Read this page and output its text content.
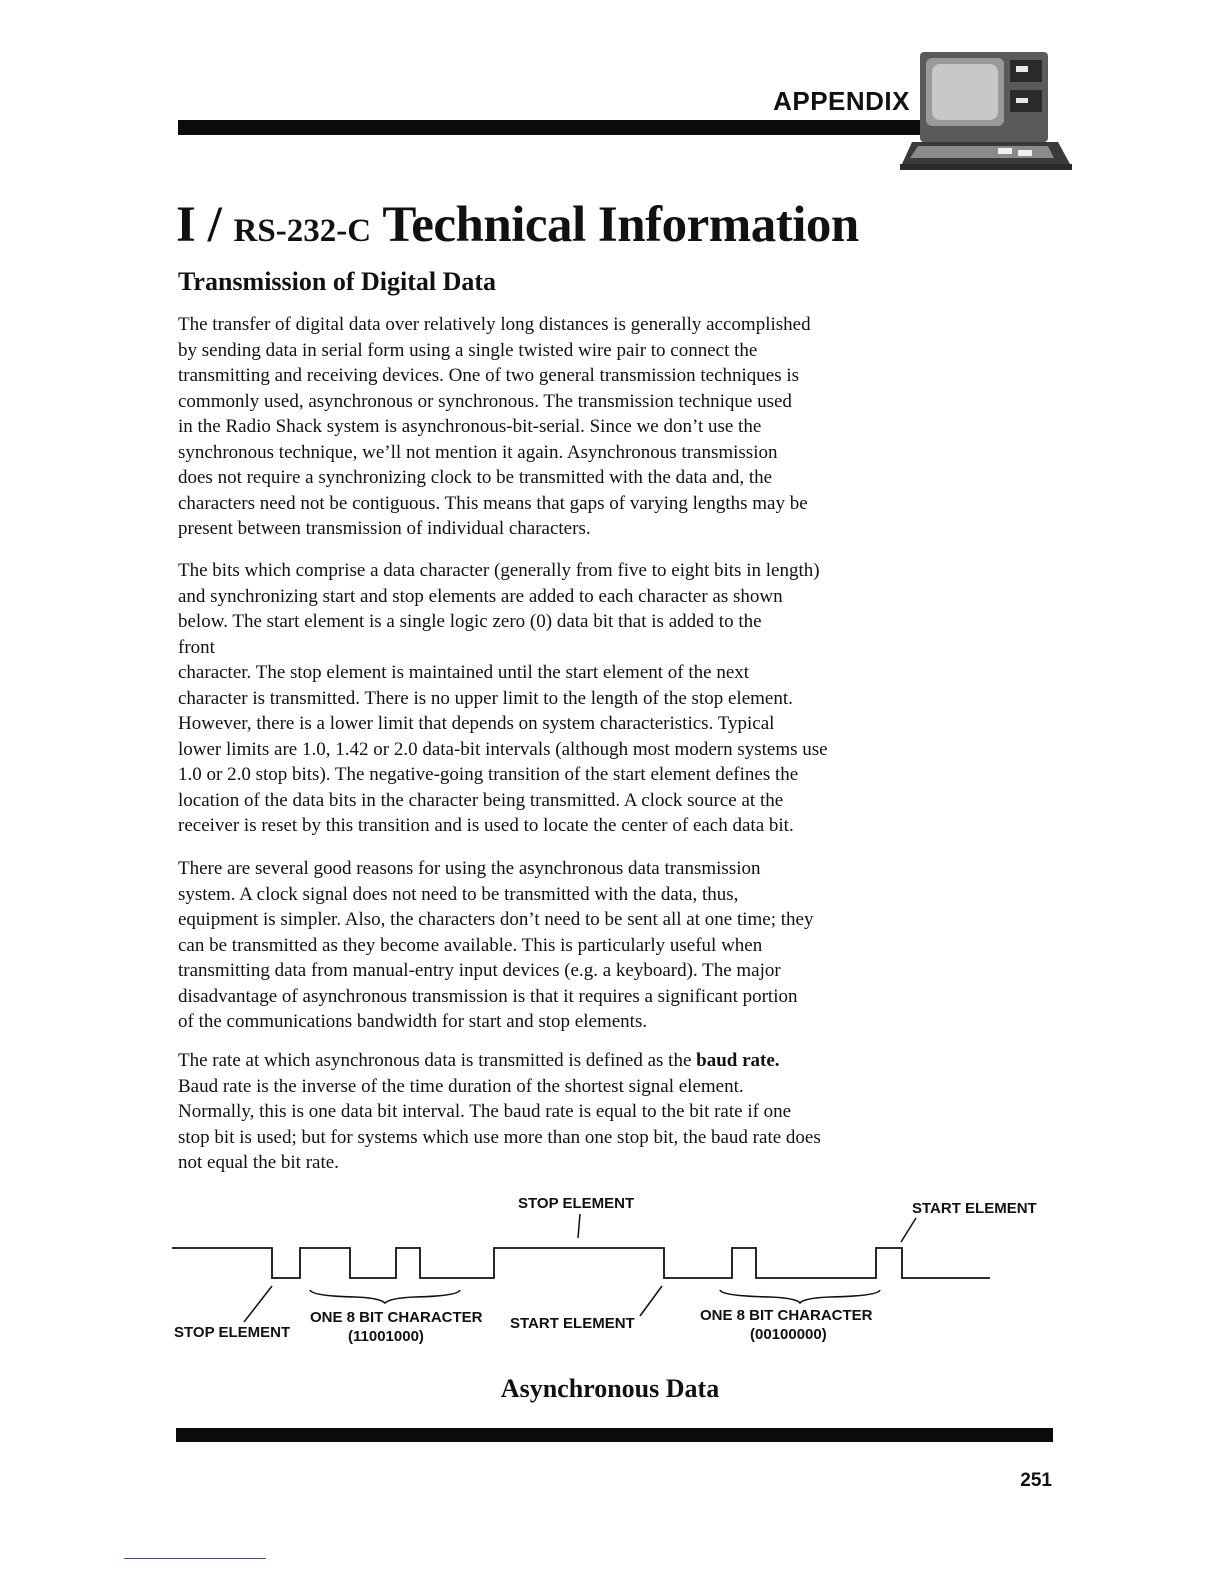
APPENDIX
I / RS-232-C Technical Information
Transmission of Digital Data
The transfer of digital data over relatively long distances is generally accomplished
by sending data in serial form using a single twisted wire pair to connect the
transmitting and receiving devices. One of two general transmission techniques is
commonly used, asynchronous or synchronous. The transmission technique used
in the Radio Shack system is asynchronous-bit-serial. Since we don’t use the
synchronous technique, we’ll not mention it again. Asynchronous transmission
does not require a synchronizing clock to be transmitted with the data and, the
characters need not be contiguous. This means that gaps of varying lengths may be
present between transmission of individual characters.
The bits which comprise a data character (generally from five to eight bits in length)
and synchronizing start and stop elements are added to each character as shown
below. The start element is a single logic zero (0) data bit that is added to the
front
character. The stop element is maintained until the start element of the next
character is transmitted. There is no upper limit to the length of the stop element.
However, there is a lower limit that depends on system characteristics. Typical
lower limits are 1.0, 1.42 or 2.0 data-bit intervals (although most modern systems use
1.0 or 2.0 stop bits). The negative-going transition of the start element defines the
location of the data bits in the character being transmitted. A clock source at the
receiver is reset by this transition and is used to locate the center of each data bit.
There are several good reasons for using the asynchronous data transmission
system. A clock signal does not need to be transmitted with the data, thus,
equipment is simpler. Also, the characters don’t need to be sent all at one time; they
can be transmitted as they become available. This is particularly useful when
transmitting data from manual-entry input devices (e.g. a keyboard). The major
disadvantage of asynchronous transmission is that it requires a significant portion
of the communications bandwidth for start and stop elements.
The rate at which asynchronous data is transmitted is defined as the baud rate.
Baud rate is the inverse of the time duration of the shortest signal element.
Normally, this is one data bit interval. The baud rate is equal to the bit rate if one
stop bit is used; but for systems which use more than one stop bit, the baud rate does
not equal the bit rate.
STOP ELEMENT	START ELEMENT
STOP ELEMENT
ONE 8 BIT CHARACTER
(11001000)
START ELEMENT	ONE 8 BIT CHARACTER
(00100000)
Asynchronous Data
251
